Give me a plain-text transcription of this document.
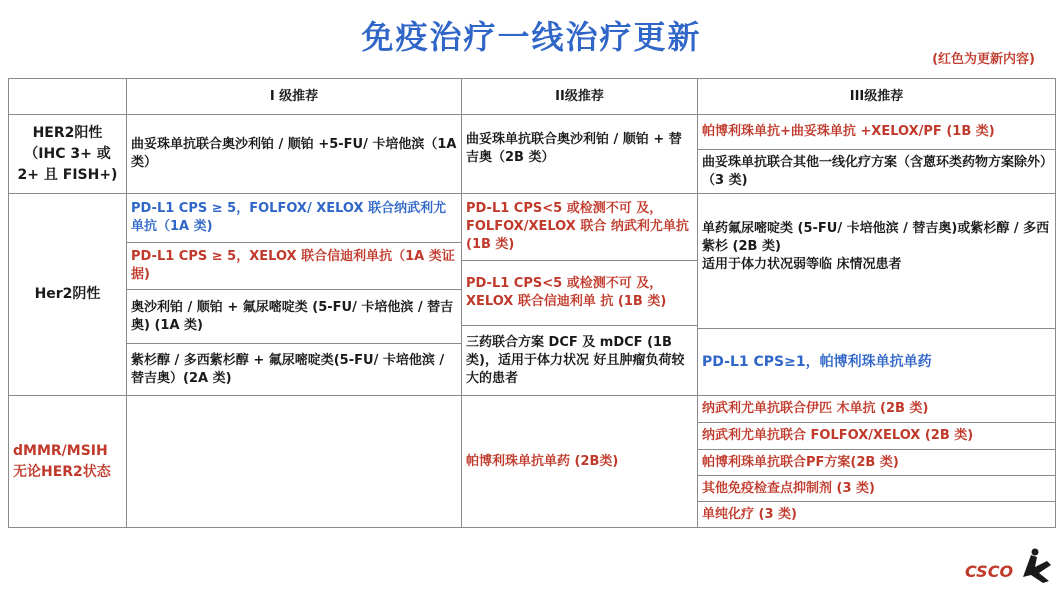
免疫治疗一线治疗更新
(红色为更新内容)
I 级推荐	II级推荐	III级推荐
HER2阳性
（IHC 3+ 或
2+ 且 FISH+)
曲妥珠单抗联合奥沙利铂 / 顺铂 +5-FU/ 卡培他滨（1A 类）
曲妥珠单抗联合奥沙利铂 / 顺铂 + 替吉奥（2B 类）
帕博利珠单抗+曲妥珠单抗 +XELOX/PF (1B 类)
曲妥珠单抗联合其他一线化疗方案（含蒽环类药物方案除外）（3 类)
Her2阴性
PD-L1 CPS ≥ 5，FOLFOX/ XELOX 联合纳武利尤单抗（1A 类)
PD-L1 CPS ≥ 5，XELOX 联合信迪利单抗（1A 类证据)
奥沙利铂 / 顺铂 + 氟尿嘧啶类 (5-FU/ 卡培他滨 / 替吉奥) (1A 类)
紫杉醇 / 多西紫杉醇 + 氟尿嘧啶类(5-FU/ 卡培他滨 / 替吉奥）(2A 类)
PD-L1 CPS<5 或检测不可 及，FOLFOX/XELOX 联合 纳武利尤单抗 (1B 类)
PD-L1 CPS<5 或检测不可 及，XELOX 联合信迪利单 抗 (1B 类)
三药联合方案 DCF 及 mDCF (1B 类)，适用于体力状况 好且肿瘤负荷较大的患者
单药氟尿嘧啶类 (5-FU/ 卡培他滨 / 替吉奥)或紫杉醇 / 多西紫杉 (2B 类)
适用于体力状况弱等临 床情况患者
PD-L1 CPS≥1，帕博利珠单抗单药
dMMR/MSIH
无论HER2状态
帕博利珠单抗单药 (2B类)
纳武利尤单抗联合伊匹 木单抗 (2B 类)
纳武利尤单抗联合 FOLFOX/XELOX (2B 类)
帕博利珠单抗联合PF方案(2B 类)
其他免疫检查点抑制剂 (3 类)
单纯化疗 (3 类)
CSCO
